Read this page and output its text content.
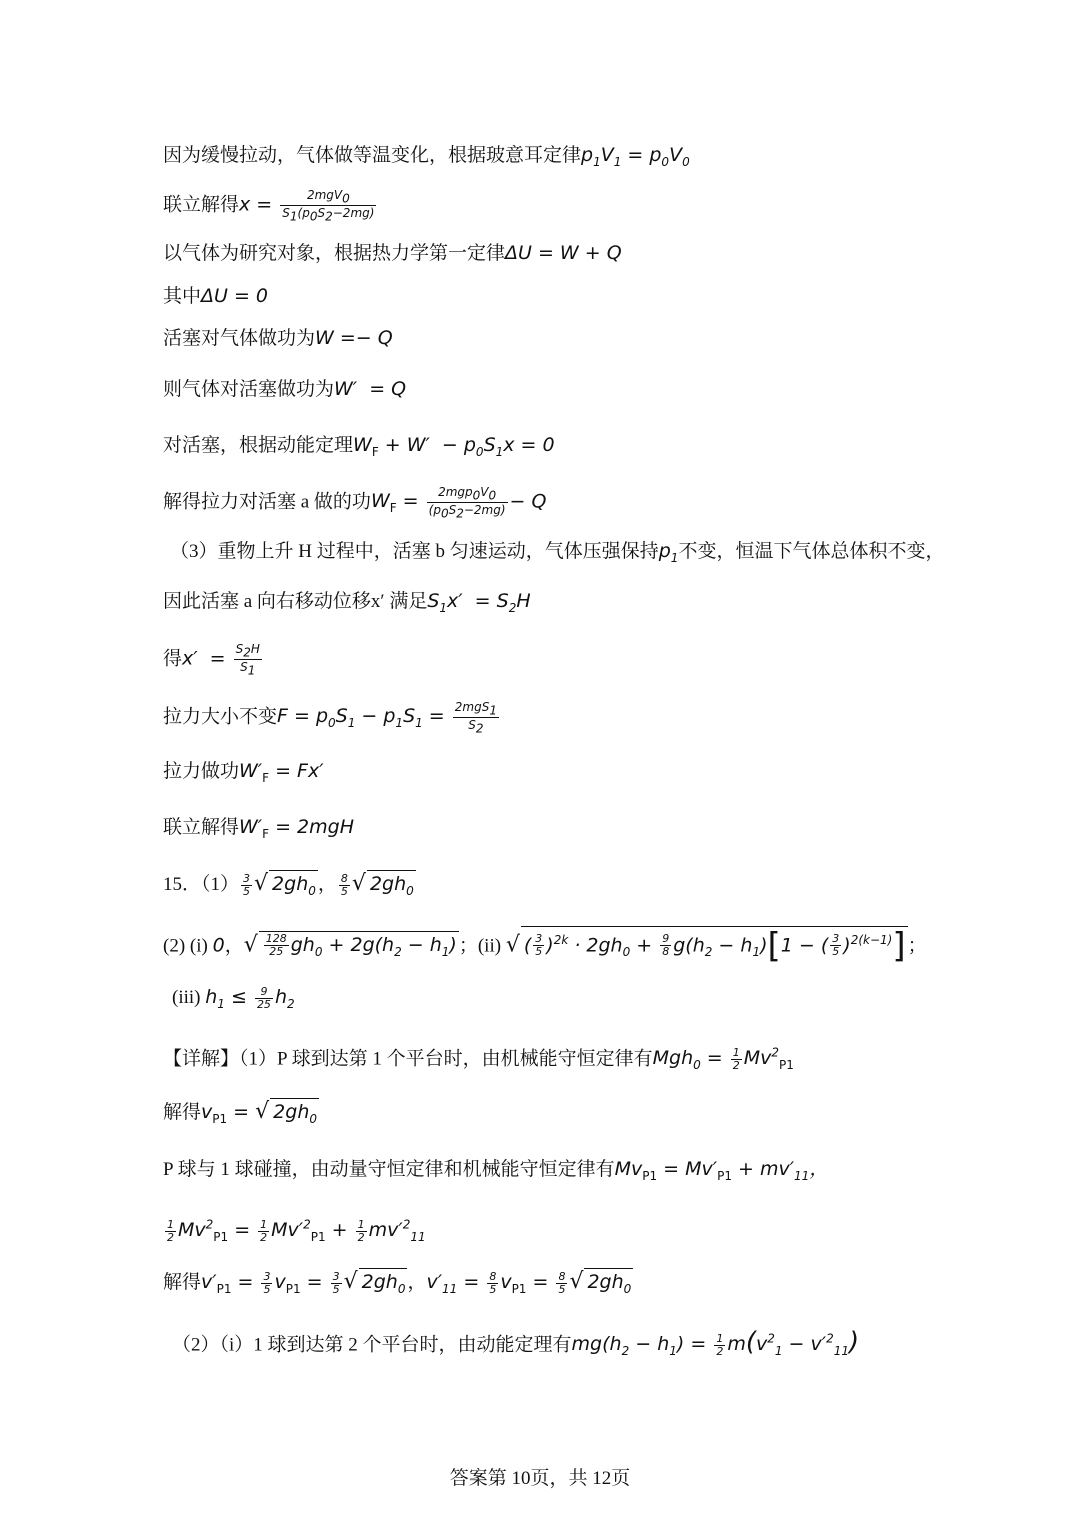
因为缓慢拉动，气体做等温变化，根据玻意耳定律$p_1V_1 = p_0V_0$
联立解得$x = \frac{2mgV_0}{S_1(p_0S_2-2mg)}$
以气体为研究对象，根据热力学第一定律ΔU = W + Q
其中ΔU = 0
活塞对气体做功为W =− Q
则气体对活塞做功为W′  = Q
对活塞，根据动能定理$W_F + W' - p_0S_1x = 0$
解得拉力对活塞 a 做的功$W_F = \frac{2mgp_0V_0}{(p_0S_2-2mg)} - Q$
（3）重物上升 H 过程中，活塞 b 匀速运动，气体压强保持$p_1$不变，恒温下气体总体积不变，
因此活塞 a 向右移动位移x′ 满足$S_1x' = S_2H$
得$x' = \frac{S_2H}{S_1}$
拉力大小不变$F = p_0S_1 - p_1S_1 = \frac{2mgS_1}{S_2}$
拉力做功$W'_F = Fx'$
联立解得$W'_F = 2mgH$
15．$(1) \frac{3}{5}$ √ $2gh_0$ ， $\frac{8}{5}$ √ $2gh_0$
(2) (i) 0，√ $\frac{128}{25} gh_0 + 2g(h_2 - h_1)$ ；(ii) √ ( $\frac{3}{5} )^{2k} \cdot 2gh_0 + \frac{9}{8} g(h_2 - h_1)[1$ − ( $\frac{3}{5} )^{2(k-1)}$] ；
(iii) $h_1 \le \frac{9}{25} h_2$
【详解】（1）P 球到达第 1 个平台时，由机械能守恒定律有$Mgh_0 = \frac{1}{2} Mv^2_{P1}$
解得$v_{P1}$ = √ $2gh_0$
P 球与 1 球碰撞，由动量守恒定律和机械能守恒定律有$Mv_{P1} = Mv'_{P1} + mv'_{11}$，
$\frac{1}{2} Mv^2_{P1} = \frac{1}{2} Mv'^2_{P1} + \frac{1}{2} mv'^2_{11}$
解得$v'_{P1} = \frac{3}{5} v_{P1} = \frac{3}{5}$ √ $2gh_0$ ，$v'_{11} = \frac{8}{5} v_{P1} = \frac{8}{5}$ √ $2gh_0$
（2）（i）1 球到达第 2 个平台时，由动能定理有$mg(h_2 - h_1) = \frac{1}{2} m(v^2_1 - v'^2_{11})$
答案第 10页，共 12页
